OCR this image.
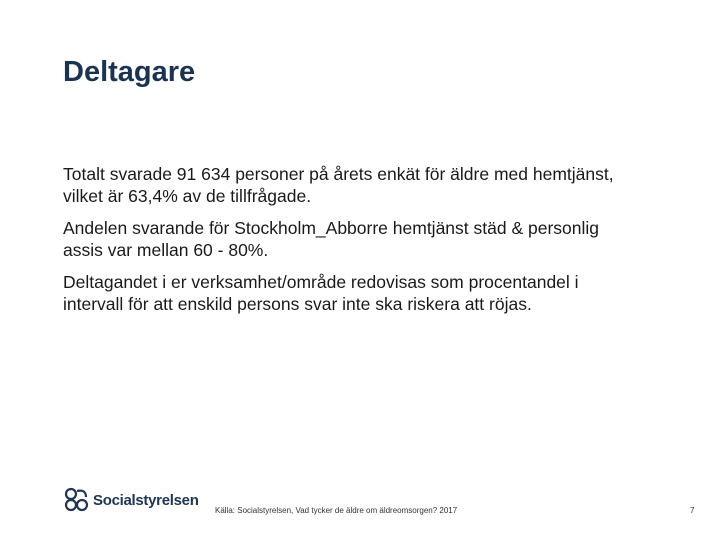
Deltagare

Totalt svarade 91 634 personer på årets enkät för äldre med hemtjänst, vilket är 63,4% av de tillfrågade.

Andelen svarande för Stockholm_Abborre hemtjänst städ & personlig assis var mellan 60 - 80%.

Deltagandet i er verksamhet/område redovisas som procentandel i intervall för att enskild persons svar inte ska riskera att röjas.

Socialstyrelsen
Källa: Socialstyrelsen, Vad tycker de äldre om äldreomsorgen? 2017	7
